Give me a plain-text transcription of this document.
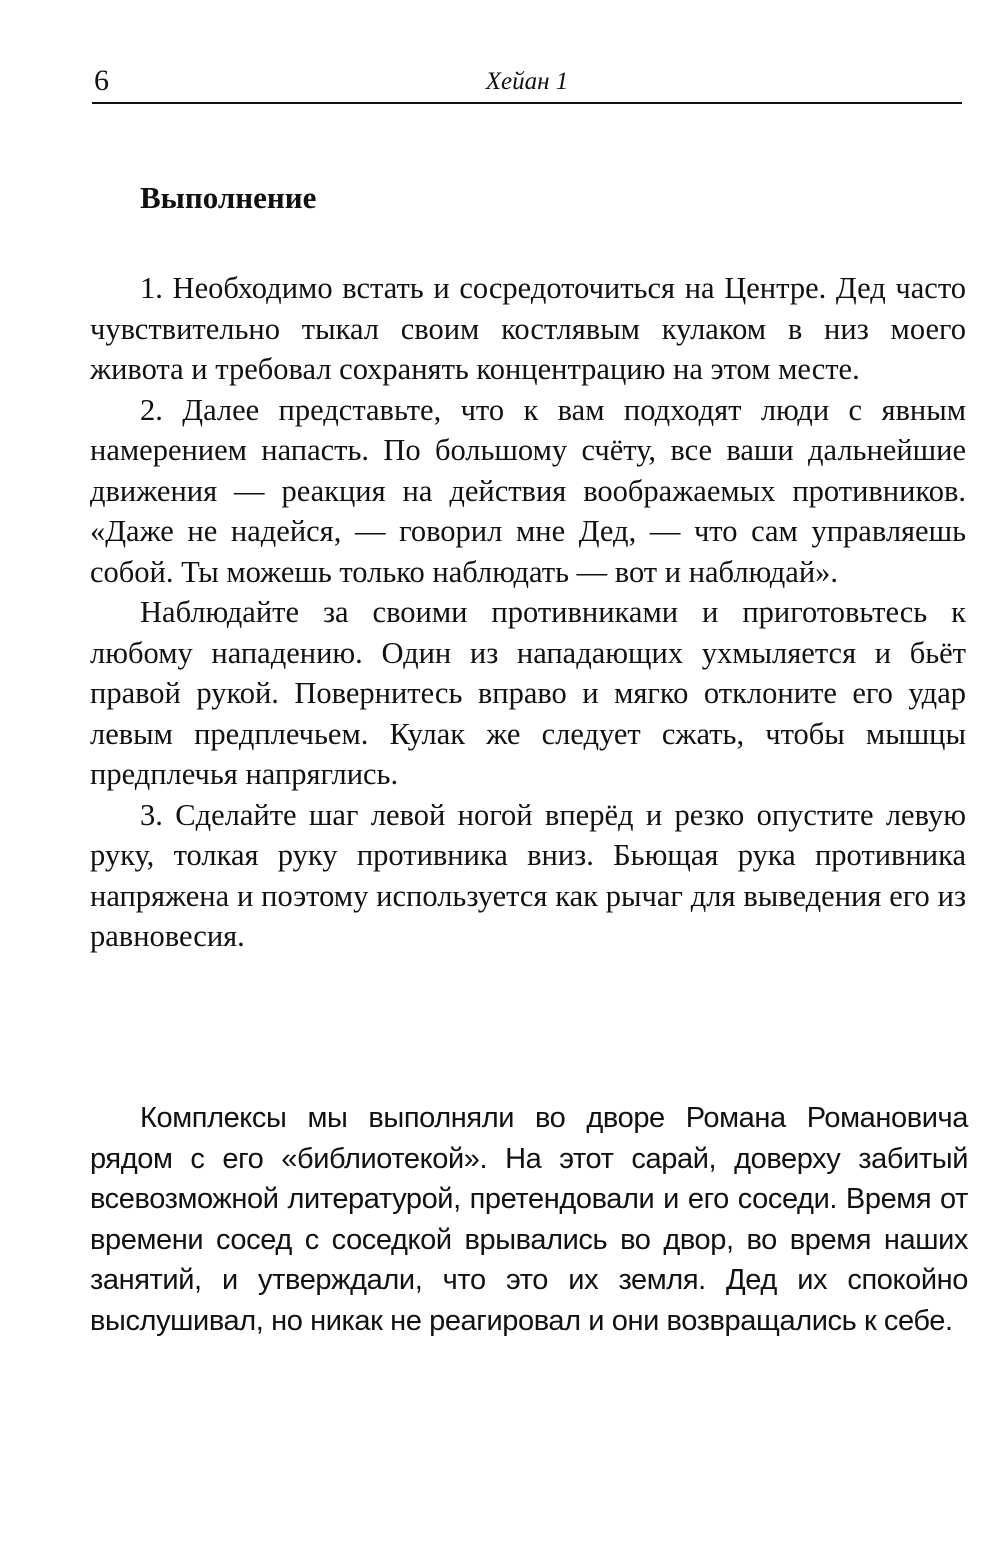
6	Хейан 1
Выполнение

1. Необходимо встать и сосредоточиться на Центре. Дед часто чувствительно тыкал своим костлявым кулаком в низ моего живота и требовал сохранять концентрацию на этом месте.

2. Далее представьте, что к вам подходят люди с явным намерением напасть. По большому счёту, все ваши дальнейшие движения — реакция на действия воображаемых противников. «Даже не надейся, — говорил мне Дед, — что сам управляешь собой. Ты можешь только наблюдать — вот и наблюдай».

Наблюдайте за своими противниками и приготовьтесь к любому нападению. Один из нападающих ухмыляется и бьёт правой рукой. Повернитесь вправо и мягко отклоните его удар левым предплечьем. Кулак же следует сжать, чтобы мышцы предплечья напряглись.

3. Сделайте шаг левой ногой вперёд и резко опустите левую руку, толкая руку противника вниз. Бьющая рука противника напряжена и поэтому используется как рычаг для выведения его из равновесия.

Комплексы мы выполняли во дворе Романа Романовича рядом с его «библиотекой». На этот сарай, доверху забитый всевозможной литературой, претендовали и его соседи. Время от времени сосед с соседкой врывались во двор, во время наших занятий, и утверждали, что это их земля. Дед их спокойно выслушивал, но никак не реагировал и они возвращались к себе.
